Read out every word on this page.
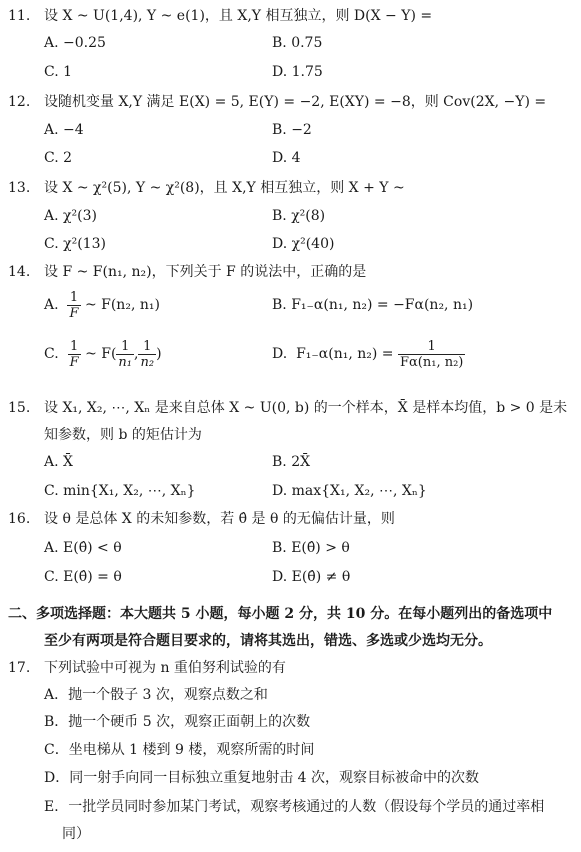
11. 设 X ~ U(1,4), Y ~ e(1)，且 X,Y 相互独立，则 D(X − Y) =
A. −0.25	B. 0.75
C. 1	D. 1.75
12. 设随机变量 X,Y 满足 E(X) = 5, E(Y) = −2, E(XY) = −8，则 Cov(2X, −Y) =
A. −4	B. −2
C. 2	D. 4
13. 设 X ~ χ²(5), Y ~ χ²(8)，且 X,Y 相互独立，则 X + Y ~
A. χ²(3)	B. χ²(8)
C. χ²(13)	D. χ²(40)
14. 设 F ~ F(n₁, n₂)，下列关于 F 的说法中，正确的是
A. $\frac{1}{F}$ ~ F(n₂, n₁)	B. F₁₋α(n₁, n₂) = −Fα(n₂, n₁)
C. $\frac{1}{F}$ ~ $F( \frac{1}{\text{n₁}}$ , $\frac{1}{\text{n₂}}$ )	D. F₁₋α(n₁, $n_2) = \frac{1}{\text{Fα(n₁, n₂)}}$
15. 设 X₁, X₂, ⋯, Xₙ 是来自总体 X ~ U(0, b) 的一个样本，X̄ 是样本均值，b > 0 是未
知参数，则 b 的矩估计为
A. X̄	B. 2X̄
C. min{X₁, X₂, ⋯, Xₙ}	D. max{X₁, X₂, ⋯, Xₙ}
16. 设 θ 是总体 X 的未知参数，若 θ̂ 是 θ 的无偏估计量，则
A. E(θ̂) < θ	B. E(θ̂) > θ
C. E(θ̂) = θ	D. E(θ̂) ≠ θ
二、多项选择题：本大题共 5 小题，每小题 2 分，共 10 分。在每小题列出的备选项中
至少有两项是符合题目要求的，请将其选出，错选、多选或少选均无分。
17. 下列试验中可视为 n 重伯努利试验的有
A．抛一个骰子 3 次，观察点数之和
B．抛一个硬币 5 次，观察正面朝上的次数
C．坐电梯从 1 楼到 9 楼，观察所需的时间
D．同一射手向同一目标独立重复地射击 4 次，观察目标被命中的次数
E．一批学员同时参加某门考试，观察考核通过的人数（假设每个学员的通过率相
同）
